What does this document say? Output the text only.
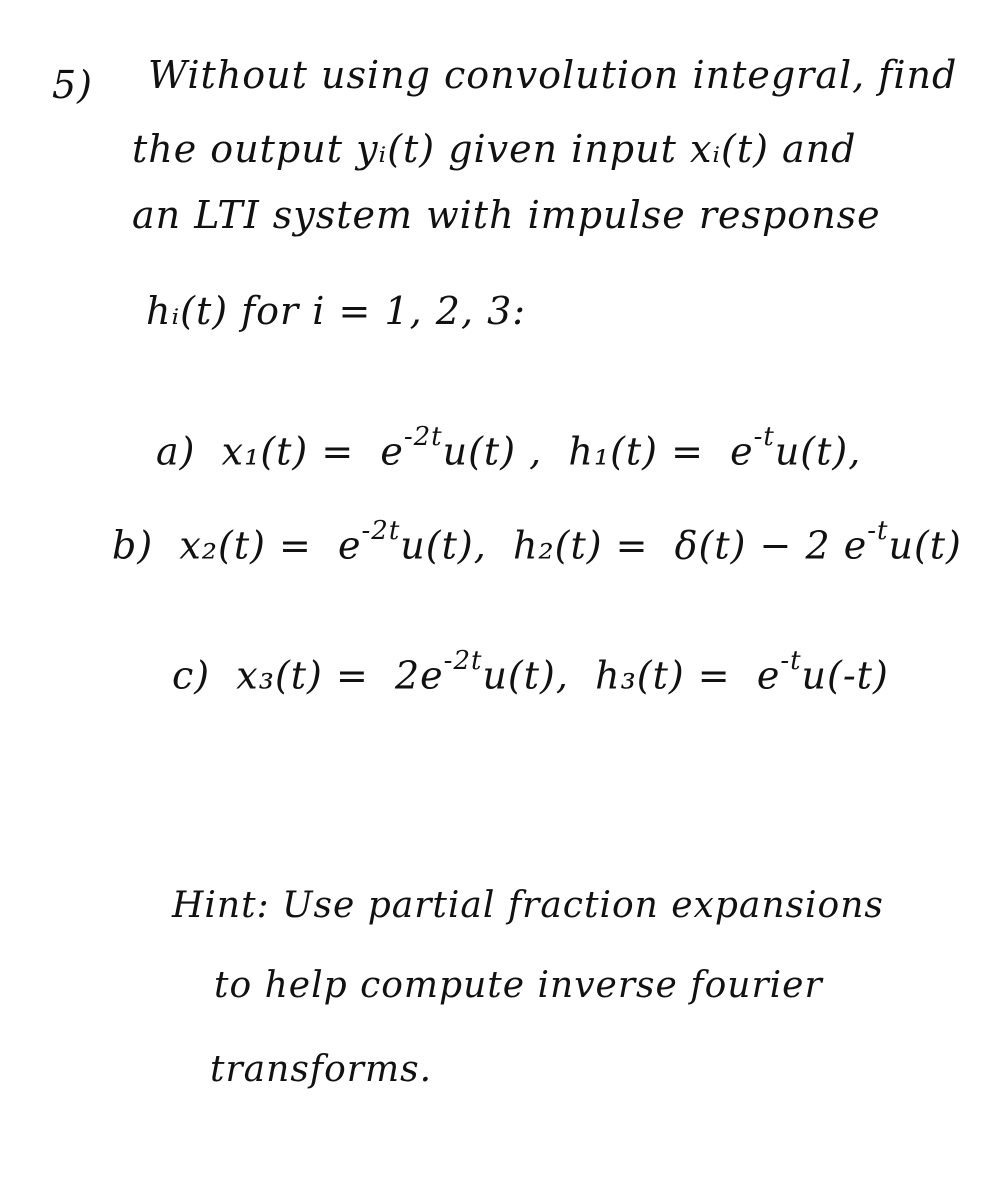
5) Without using convolution integral, find
the output yᵢ(t) given input xᵢ(t) and
an LTI system with impulse response
hᵢ(t) for i = 1, 2, 3:
a) $x_1(t) = e^{-2t}u(t)$ , $h_1(t) = e^{-t}u(t)$,
b) $x_2(t) = e^{-2t}u(t)$, h₂(t) = δ(t) − 2 $e^{-t}u(t)$
c) $x_3(t) = 2e^{-2t}u(t)$, $h_3(t) = e^{-t}u(-t)$
Hint: Use partial fraction expansions
to help compute inverse fourier
transforms.
